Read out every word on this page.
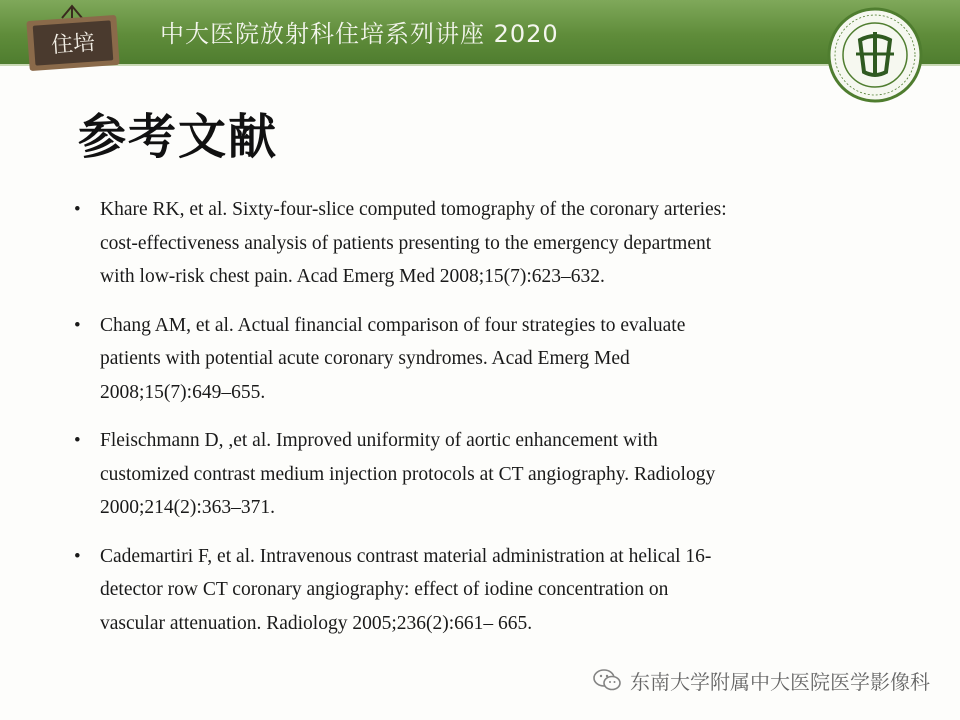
住培	中大医院放射科住培系列讲座 2020
参考文献
• Khare RK, et al. Sixty-four-slice computed tomography of the coronary arteries:
cost-effectiveness analysis of patients presenting to the emergency department
with low-risk chest pain. Acad Emerg Med 2008;15(7):623–632.
• Chang AM, et al. Actual financial comparison of four strategies to evaluate
patients with potential acute coronary syndromes. Acad Emerg Med
2008;15(7):649–655.
• Fleischmann D, ,et al. Improved uniformity of aortic enhancement with
customized contrast medium injection protocols at CT angiography. Radiology
2000;214(2):363–371.
• Cademartiri F, et al. Intravenous contrast material administration at helical 16-
detector row CT coronary angiography: effect of iodine concentration on
vascular attenuation. Radiology 2005;236(2):661– 665.
东南大学附属中大医院医学影像科
